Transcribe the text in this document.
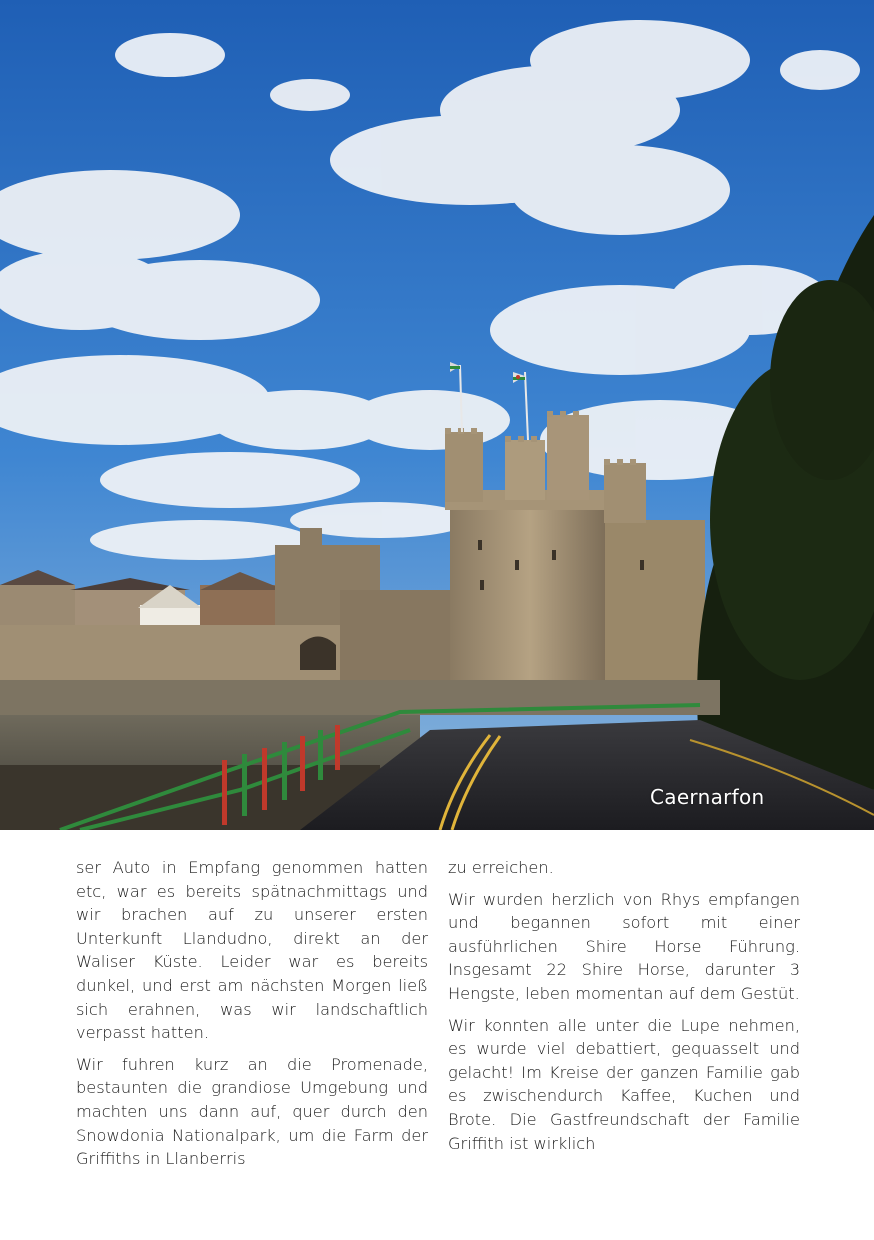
Caernarfon

ser Auto in Empfang genommen hatten etc, war es bereits spätnachmittags und wir brachen auf zu unserer ersten Unterkunft Llandudno, direkt an der Waliser Küste. Leider war es bereits dunkel, und erst am nächsten Morgen ließ sich erahnen, was wir landschaftlich verpasst hatten.

Wir fuhren kurz an die Promenade, bestaunten die grandiose Umgebung und machten uns dann auf, quer durch den Snowdonia Nationalpark, um die Farm der Griffiths in Llanberris

zu erreichen.

Wir wurden herzlich von Rhys empfangen und begannen sofort mit einer ausführlichen Shire Horse Führung. Insgesamt 22 Shire Horse, darunter 3 Hengste, leben momentan auf dem Gestüt.

Wir konnten alle unter die Lupe nehmen, es wurde viel debattiert, gequasselt und gelacht! Im Kreise der ganzen Familie gab es zwischendurch Kaffee, Kuchen und Brote. Die Gastfreundschaft der Familie Griffith ist wirklich
